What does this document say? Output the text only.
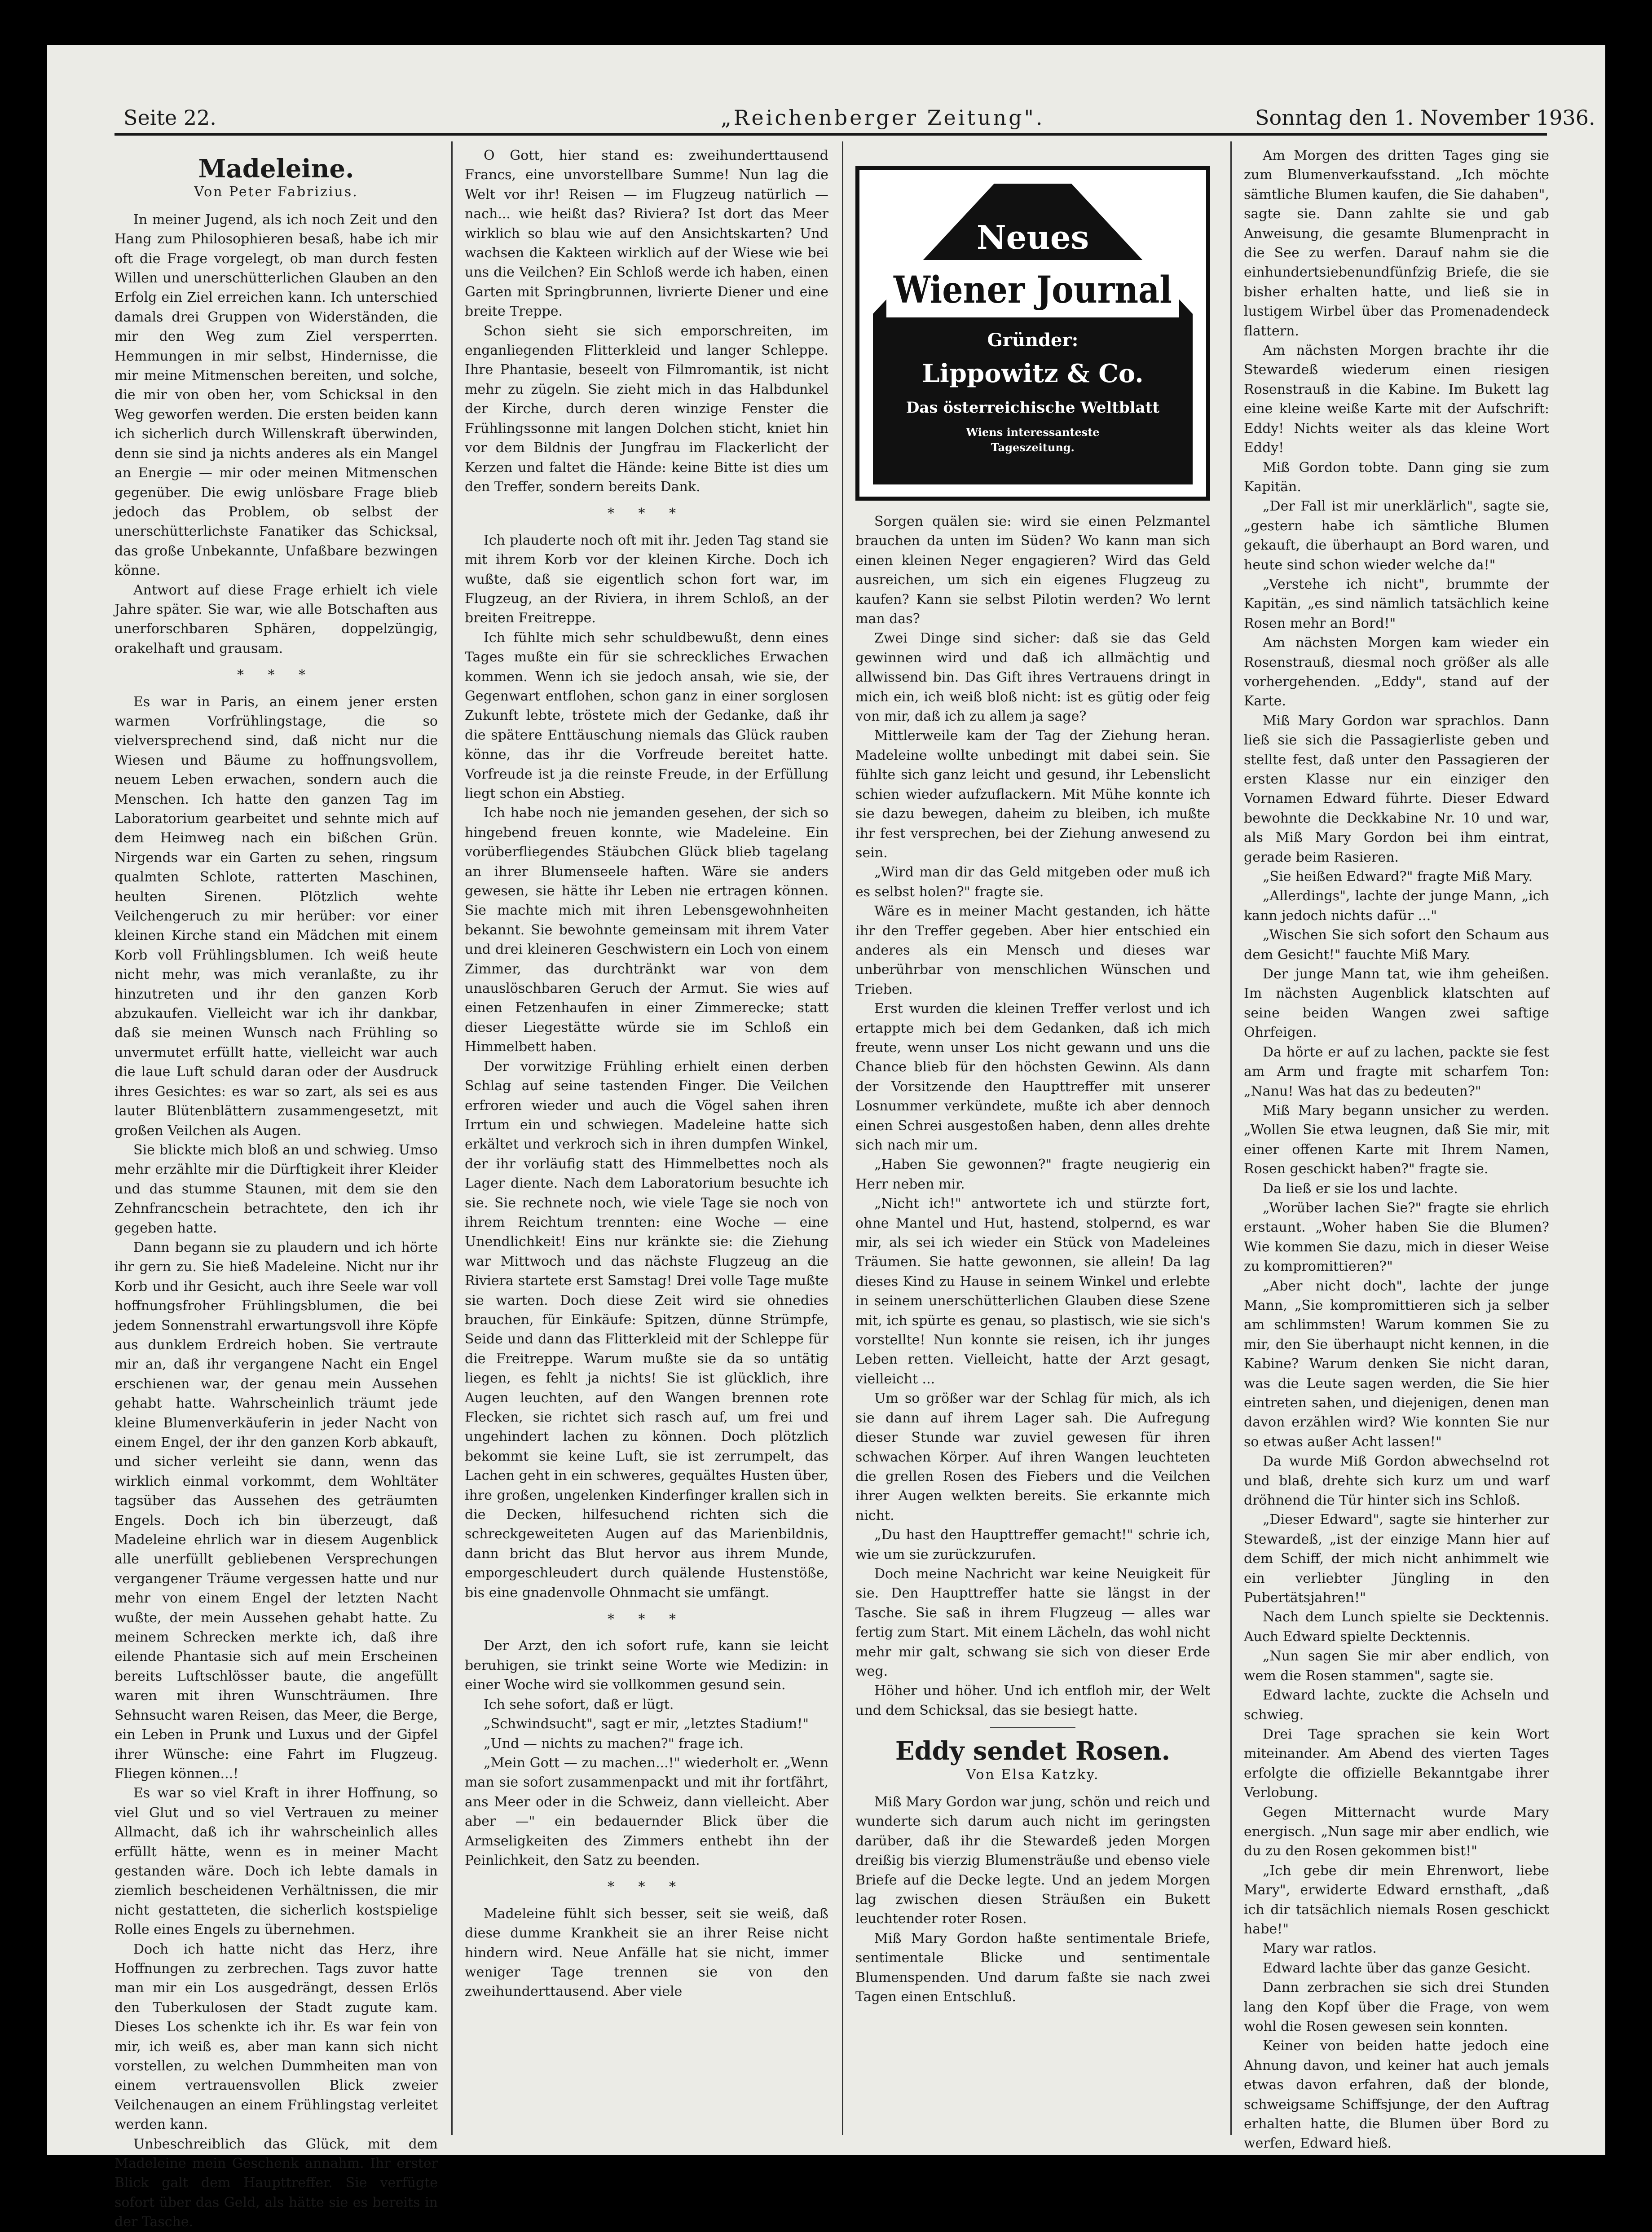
Seite 22.	„Reichenberger Zeitung".	Sonntag den 1. November 1936.
Madeleine.
Von Peter Fabrizius.

In meiner Jugend, als ich noch Zeit und den Hang zum Philosophieren besaß, habe ich mir oft die Frage vorgelegt, ob man durch festen Willen und unerschütterlichen Glauben an den Erfolg ein Ziel erreichen kann. Ich unterschied damals drei Gruppen von Widerständen, die mir den Weg zum Ziel versperrten. Hemmungen in mir selbst, Hindernisse, die mir meine Mitmenschen bereiten, und solche, die mir von oben her, vom Schicksal in den Weg geworfen werden. Die ersten beiden kann ich sicherlich durch Willenskraft überwinden, denn sie sind ja nichts anderes als ein Mangel an Energie — mir oder meinen Mitmenschen gegenüber. Die ewig unlösbare Frage blieb jedoch das Problem, ob selbst der unerschütterlichste Fanatiker das Schicksal, das große Unbekannte, Unfaßbare bezwingen könne.

Antwort auf diese Frage erhielt ich viele Jahre später. Sie war, wie alle Botschaften aus unerforschbaren Sphären, doppelzüngig, orakelhaft und grausam.

* * *

Es war in Paris, an einem jener ersten warmen Vorfrühlingstage, die so vielversprechend sind, daß nicht nur die Wiesen und Bäume zu hoffnungsvollem, neuem Leben erwachen, sondern auch die Menschen. Ich hatte den ganzen Tag im Laboratorium gearbeitet und sehnte mich auf dem Heimweg nach ein bißchen Grün. Nirgends war ein Garten zu sehen, ringsum qualmten Schlote, ratterten Maschinen, heulten Sirenen. Plötzlich wehte Veilchengeruch zu mir herüber: vor einer kleinen Kirche stand ein Mädchen mit einem Korb voll Frühlingsblumen. Ich weiß heute nicht mehr, was mich veranlaßte, zu ihr hinzutreten und ihr den ganzen Korb abzukaufen. Vielleicht war ich ihr dankbar, daß sie meinen Wunsch nach Frühling so unvermutet erfüllt hatte, vielleicht war auch die laue Luft schuld daran oder der Ausdruck ihres Gesichtes: es war so zart, als sei es aus lauter Blütenblättern zusammengesetzt, mit großen Veilchen als Augen.

Sie blickte mich bloß an und schwieg. Umso mehr erzählte mir die Dürftigkeit ihrer Kleider und das stumme Staunen, mit dem sie den Zehnfrancschein betrachtete, den ich ihr gegeben hatte.

Dann begann sie zu plaudern und ich hörte ihr gern zu. Sie hieß Madeleine. Nicht nur ihr Korb und ihr Gesicht, auch ihre Seele war voll hoffnungsfroher Frühlingsblumen, die bei jedem Sonnenstrahl erwartungsvoll ihre Köpfe aus dunklem Erdreich hoben. Sie vertraute mir an, daß ihr vergangene Nacht ein Engel erschienen war, der genau mein Aussehen gehabt hatte. Wahrscheinlich träumt jede kleine Blumenverkäuferin in jeder Nacht von einem Engel, der ihr den ganzen Korb abkauft, und sicher verleiht sie dann, wenn das wirklich einmal vorkommt, dem Wohltäter tagsüber das Aussehen des geträumten Engels. Doch ich bin überzeugt, daß Madeleine ehrlich war in diesem Augenblick alle unerfüllt gebliebenen Versprechungen vergangener Träume vergessen hatte und nur mehr von einem Engel der letzten Nacht wußte, der mein Aussehen gehabt hatte. Zu meinem Schrecken merkte ich, daß ihre eilende Phantasie sich auf mein Erscheinen bereits Luftschlösser baute, die angefüllt waren mit ihren Wunschträumen. Ihre Sehnsucht waren Reisen, das Meer, die Berge, ein Leben in Prunk und Luxus und der Gipfel ihrer Wünsche: eine Fahrt im Flugzeug. Fliegen können...!

Es war so viel Kraft in ihrer Hoffnung, so viel Glut und so viel Vertrauen zu meiner Allmacht, daß ich ihr wahrscheinlich alles erfüllt hätte, wenn es in meiner Macht gestanden wäre. Doch ich lebte damals in ziemlich bescheidenen Verhältnissen, die mir nicht gestatteten, die sicherlich kostspielige Rolle eines Engels zu übernehmen.

Doch ich hatte nicht das Herz, ihre Hoffnungen zu zerbrechen. Tags zuvor hatte man mir ein Los ausgedrängt, dessen Erlös den Tuberkulosen der Stadt zugute kam. Dieses Los schenkte ich ihr. Es war fein von mir, ich weiß es, aber man kann sich nicht vorstellen, zu welchen Dummheiten man von einem vertrauensvollen Blick zweier Veilchenaugen an einem Frühlingstag verleitet werden kann.

Unbeschreiblich das Glück, mit dem Madeleine mein Geschenk annahm. Ihr erster Blick galt dem Haupttreffer. Sie verfügte sofort über das Geld, als hätte sie es bereits in der Tasche.

O Gott, hier stand es: zweihunderttausend Francs, eine unvorstellbare Summe! Nun lag die Welt vor ihr! Reisen — im Flugzeug natürlich — nach... wie heißt das? Riviera? Ist dort das Meer wirklich so blau wie auf den Ansichtskarten? Und wachsen die Kakteen wirklich auf der Wiese wie bei uns die Veilchen? Ein Schloß werde ich haben, einen Garten mit Springbrunnen, livrierte Diener und eine breite Treppe.

Schon sieht sie sich emporschreiten, im enganliegenden Flitterkleid und langer Schleppe. Ihre Phantasie, beseelt von Filmromantik, ist nicht mehr zu zügeln. Sie zieht mich in das Halbdunkel der Kirche, durch deren winzige Fenster die Frühlingssonne mit langen Dolchen sticht, kniet hin vor dem Bildnis der Jungfrau im Flackerlicht der Kerzen und faltet die Hände: keine Bitte ist dies um den Treffer, sondern bereits Dank.

* * *

Ich plauderte noch oft mit ihr. Jeden Tag stand sie mit ihrem Korb vor der kleinen Kirche. Doch ich wußte, daß sie eigentlich schon fort war, im Flugzeug, an der Riviera, in ihrem Schloß, an der breiten Freitreppe.

Ich fühlte mich sehr schuldbewußt, denn eines Tages mußte ein für sie schreckliches Erwachen kommen. Wenn ich sie jedoch ansah, wie sie, der Gegenwart entflohen, schon ganz in einer sorglosen Zukunft lebte, tröstete mich der Gedanke, daß ihr die spätere Enttäuschung niemals das Glück rauben könne, das ihr die Vorfreude bereitet hatte. Vorfreude ist ja die reinste Freude, in der Erfüllung liegt schon ein Abstieg.

Ich habe noch nie jemanden gesehen, der sich so hingebend freuen konnte, wie Madeleine. Ein vorüberfliegendes Stäubchen Glück blieb tagelang an ihrer Blumenseele haften. Wäre sie anders gewesen, sie hätte ihr Leben nie ertragen können. Sie machte mich mit ihren Lebensgewohnheiten bekannt. Sie bewohnte gemeinsam mit ihrem Vater und drei kleineren Geschwistern ein Loch von einem Zimmer, das durchtränkt war von dem unauslöschbaren Geruch der Armut. Sie wies auf einen Fetzenhaufen in einer Zimmerecke; statt dieser Liegestätte würde sie im Schloß ein Himmelbett haben.

Der vorwitzige Frühling erhielt einen derben Schlag auf seine tastenden Finger. Die Veilchen erfroren wieder und auch die Vögel sahen ihren Irrtum ein und schwiegen. Madeleine hatte sich erkältet und verkroch sich in ihren dumpfen Winkel, der ihr vorläufig statt des Himmelbettes noch als Lager diente. Nach dem Laboratorium besuchte ich sie. Sie rechnete noch, wie viele Tage sie noch von ihrem Reichtum trennten: eine Woche — eine Unendlichkeit! Eins nur kränkte sie: die Ziehung war Mittwoch und das nächste Flugzeug an die Riviera startete erst Samstag! Drei volle Tage mußte sie warten. Doch diese Zeit wird sie ohnedies brauchen, für Einkäufe: Spitzen, dünne Strümpfe, Seide und dann das Flitterkleid mit der Schleppe für die Freitreppe. Warum mußte sie da so untätig liegen, es fehlt ja nichts! Sie ist glücklich, ihre Augen leuchten, auf den Wangen brennen rote Flecken, sie richtet sich rasch auf, um frei und ungehindert lachen zu können. Doch plötzlich bekommt sie keine Luft, sie ist zerrumpelt, das Lachen geht in ein schweres, gequältes Husten über, ihre großen, ungelenken Kinderfinger krallen sich in die Decken, hilfesuchend richten sich die schreckgeweiteten Augen auf das Marienbildnis, dann bricht das Blut hervor aus ihrem Munde, emporgeschleudert durch quälende Hustenstöße, bis eine gnadenvolle Ohnmacht sie umfängt.

* * *

Der Arzt, den ich sofort rufe, kann sie leicht beruhigen, sie trinkt seine Worte wie Medizin: in einer Woche wird sie vollkommen gesund sein.

Ich sehe sofort, daß er lügt.

„Schwindsucht", sagt er mir, „letztes Stadium!"

„Und — nichts zu machen?" frage ich.

„Mein Gott — zu machen...!" wiederholt er. „Wenn man sie sofort zusammenpackt und mit ihr fortfährt, ans Meer oder in die Schweiz, dann vielleicht. Aber aber —" ein bedauernder Blick über die Armseligkeiten des Zimmers enthebt ihn der Peinlichkeit, den Satz zu beenden.

* * *

Madeleine fühlt sich besser, seit sie weiß, daß diese dumme Krankheit sie an ihrer Reise nicht hindern wird. Neue Anfälle hat sie nicht, immer weniger Tage trennen sie von den zweihunderttausend. Aber viele

Neues
Wiener Journal
Gründer:
Lippowitz & Co.
Das österreichische Weltblatt
Wiens interessanteste
Tageszeitung.

Sorgen quälen sie: wird sie einen Pelzmantel brauchen da unten im Süden? Wo kann man sich einen kleinen Neger engagieren? Wird das Geld ausreichen, um sich ein eigenes Flugzeug zu kaufen? Kann sie selbst Pilotin werden? Wo lernt man das?

Zwei Dinge sind sicher: daß sie das Geld gewinnen wird und daß ich allmächtig und allwissend bin. Das Gift ihres Vertrauens dringt in mich ein, ich weiß bloß nicht: ist es gütig oder feig von mir, daß ich zu allem ja sage?

Mittlerweile kam der Tag der Ziehung heran. Madeleine wollte unbedingt mit dabei sein. Sie fühlte sich ganz leicht und gesund, ihr Lebenslicht schien wieder aufzuflackern. Mit Mühe konnte ich sie dazu bewegen, daheim zu bleiben, ich mußte ihr fest versprechen, bei der Ziehung anwesend zu sein.

„Wird man dir das Geld mitgeben oder muß ich es selbst holen?" fragte sie.

Wäre es in meiner Macht gestanden, ich hätte ihr den Treffer gegeben. Aber hier entschied ein anderes als ein Mensch und dieses war unberührbar von menschlichen Wünschen und Trieben.

Erst wurden die kleinen Treffer verlost und ich ertappte mich bei dem Gedanken, daß ich mich freute, wenn unser Los nicht gewann und uns die Chance blieb für den höchsten Gewinn. Als dann der Vorsitzende den Haupttreffer mit unserer Losnummer verkündete, mußte ich aber dennoch einen Schrei ausgestoßen haben, denn alles drehte sich nach mir um.

„Haben Sie gewonnen?" fragte neugierig ein Herr neben mir.

„Nicht ich!" antwortete ich und stürzte fort, ohne Mantel und Hut, hastend, stolpernd, es war mir, als sei ich wieder ein Stück von Madeleines Träumen. Sie hatte gewonnen, sie allein! Da lag dieses Kind zu Hause in seinem Winkel und erlebte in seinem unerschütterlichen Glauben diese Szene mit, ich spürte es genau, so plastisch, wie sie sich's vorstellte! Nun konnte sie reisen, ich ihr junges Leben retten. Vielleicht, hatte der Arzt gesagt, vielleicht ...

Um so größer war der Schlag für mich, als ich sie dann auf ihrem Lager sah. Die Aufregung dieser Stunde war zuviel gewesen für ihren schwachen Körper. Auf ihren Wangen leuchteten die grellen Rosen des Fiebers und die Veilchen ihrer Augen welkten bereits. Sie erkannte mich nicht.

„Du hast den Haupttreffer gemacht!" schrie ich, wie um sie zurückzurufen.

Doch meine Nachricht war keine Neuigkeit für sie. Den Haupttreffer hatte sie längst in der Tasche. Sie saß in ihrem Flugzeug — alles war fertig zum Start. Mit einem Lächeln, das wohl nicht mehr mir galt, schwang sie sich von dieser Erde weg.

Höher und höher. Und ich entfloh mir, der Welt und dem Schicksal, das sie besiegt hatte.

Eddy sendet Rosen.
Von Elsa Katzky.

Miß Mary Gordon war jung, schön und reich und wunderte sich darum auch nicht im geringsten darüber, daß ihr die Stewardeß jeden Morgen dreißig bis vierzig Blumensträuße und ebenso viele Briefe auf die Decke legte. Und an jedem Morgen lag zwischen diesen Sträußen ein Bukett leuchtender roter Rosen.

Miß Mary Gordon haßte sentimentale Briefe, sentimentale Blicke und sentimentale Blumenspenden. Und darum faßte sie nach zwei Tagen einen Entschluß.

Am Morgen des dritten Tages ging sie zum Blumenverkaufsstand. „Ich möchte sämtliche Blumen kaufen, die Sie dahaben", sagte sie. Dann zahlte sie und gab Anweisung, die gesamte Blumenpracht in die See zu werfen. Darauf nahm sie die einhundertsiebenundfünfzig Briefe, die sie bisher erhalten hatte, und ließ sie in lustigem Wirbel über das Promenadendeck flattern.

Am nächsten Morgen brachte ihr die Stewardeß wiederum einen riesigen Rosenstrauß in die Kabine. Im Bukett lag eine kleine weiße Karte mit der Aufschrift: Eddy! Nichts weiter als das kleine Wort Eddy!

Miß Gordon tobte. Dann ging sie zum Kapitän.

„Der Fall ist mir unerklärlich", sagte sie, „gestern habe ich sämtliche Blumen gekauft, die überhaupt an Bord waren, und heute sind schon wieder welche da!"

„Verstehe ich nicht", brummte der Kapitän, „es sind nämlich tatsächlich keine Rosen mehr an Bord!"

Am nächsten Morgen kam wieder ein Rosenstrauß, diesmal noch größer als alle vorhergehenden. „Eddy", stand auf der Karte.

Miß Mary Gordon war sprachlos. Dann ließ sie sich die Passagierliste geben und stellte fest, daß unter den Passagieren der ersten Klasse nur ein einziger den Vornamen Edward führte. Dieser Edward bewohnte die Deckkabine Nr. 10 und war, als Miß Mary Gordon bei ihm eintrat, gerade beim Rasieren.

„Sie heißen Edward?" fragte Miß Mary.

„Allerdings", lachte der junge Mann, „ich kann jedoch nichts dafür ..."

„Wischen Sie sich sofort den Schaum aus dem Gesicht!" fauchte Miß Mary.

Der junge Mann tat, wie ihm geheißen. Im nächsten Augenblick klatschten auf seine beiden Wangen zwei saftige Ohrfeigen.

Da hörte er auf zu lachen, packte sie fest am Arm und fragte mit scharfem Ton: „Nanu! Was hat das zu bedeuten?"

Miß Mary begann unsicher zu werden. „Wollen Sie etwa leugnen, daß Sie mir, mit einer offenen Karte mit Ihrem Namen, Rosen geschickt haben?" fragte sie.

Da ließ er sie los und lachte.

„Worüber lachen Sie?" fragte sie ehrlich erstaunt. „Woher haben Sie die Blumen? Wie kommen Sie dazu, mich in dieser Weise zu kompromittieren?"

„Aber nicht doch", lachte der junge Mann, „Sie kompromittieren sich ja selber am schlimmsten! Warum kommen Sie zu mir, den Sie überhaupt nicht kennen, in die Kabine? Warum denken Sie nicht daran, was die Leute sagen werden, die Sie hier eintreten sahen, und diejenigen, denen man davon erzählen wird? Wie konnten Sie nur so etwas außer Acht lassen!"

Da wurde Miß Gordon abwechselnd rot und blaß, drehte sich kurz um und warf dröhnend die Tür hinter sich ins Schloß.

„Dieser Edward", sagte sie hinterher zur Stewardeß, „ist der einzige Mann hier auf dem Schiff, der mich nicht anhimmelt wie ein verliebter Jüngling in den Pubertätsjahren!"

Nach dem Lunch spielte sie Decktennis. Auch Edward spielte Decktennis.

„Nun sagen Sie mir aber endlich, von wem die Rosen stammen", sagte sie.

Edward lachte, zuckte die Achseln und schwieg.

Drei Tage sprachen sie kein Wort miteinander. Am Abend des vierten Tages erfolgte die offizielle Bekanntgabe ihrer Verlobung.

Gegen Mitternacht wurde Mary energisch. „Nun sage mir aber endlich, wie du zu den Rosen gekommen bist!"

„Ich gebe dir mein Ehrenwort, liebe Mary", erwiderte Edward ernsthaft, „daß ich dir tatsächlich niemals Rosen geschickt habe!"

Mary war ratlos.

Edward lachte über das ganze Gesicht.

Dann zerbrachen sie sich drei Stunden lang den Kopf über die Frage, von wem wohl die Rosen gewesen sein konnten.

Keiner von beiden hatte jedoch eine Ahnung davon, und keiner hat auch jemals etwas davon erfahren, daß der blonde, schweigsame Schiffsjunge, der den Auftrag erhalten hatte, die Blumen über Bord zu werfen, Edward hieß.
